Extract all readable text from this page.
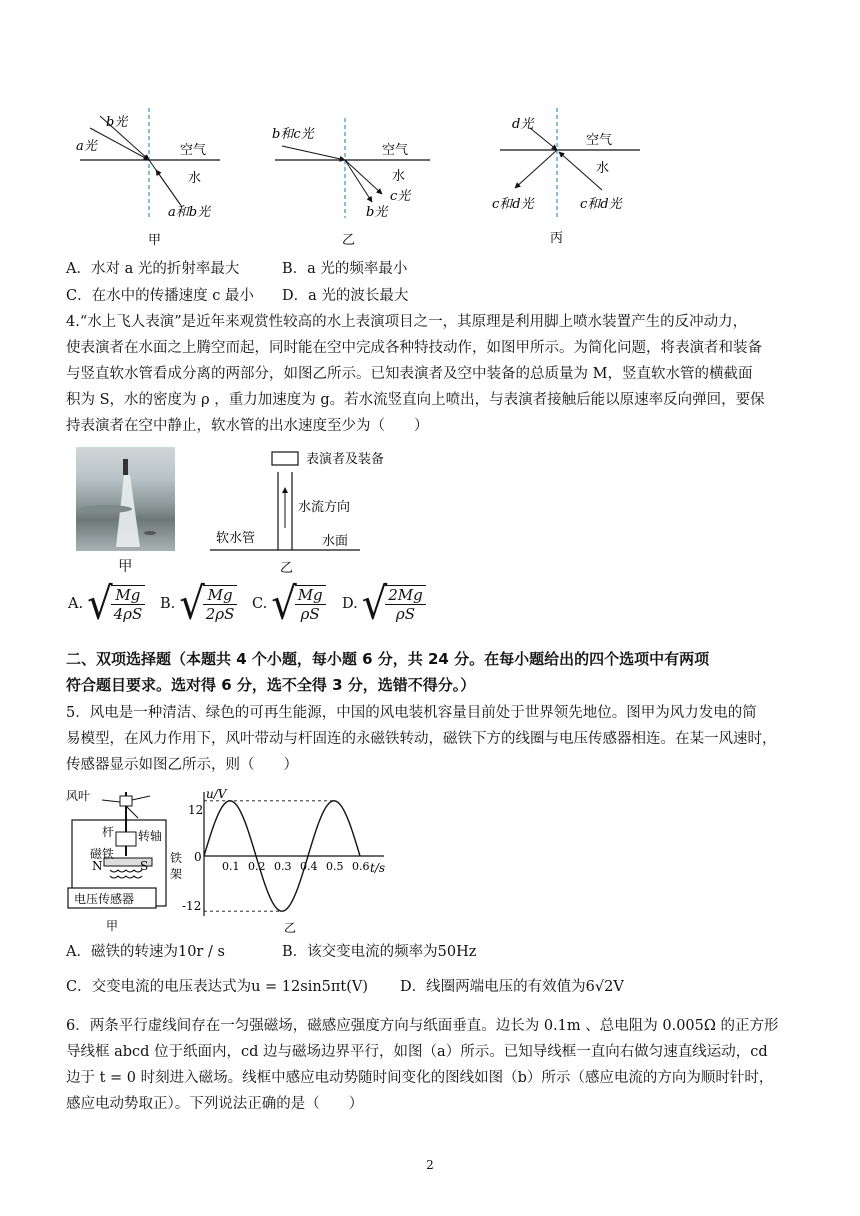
b光
a光	空气
水
a和b光
甲
b和c光
空气
水
c光
b光
乙
d光
空气
水
c和d光	c和d光
丙
A．水对 a 光的折射率最大	B．a 光的频率最小
C．在水中的传播速度 c 最小 D．a 光的波长最大
4.“水上飞人表演”是近年来观赏性较高的水上表演项目之一，其原理是利用脚上喷水装置产生的反冲动力，
使表演者在水面之上腾空而起，同时能在空中完成各种特技动作，如图甲所示。为简化问题，将表演者和装备
与竖直软水管看成分离的两部分，如图乙所示。已知表演者及空中装备的总质量为 M，竖直软水管的横截面
积为 S，水的密度为 ρ ，重力加速度为 g。若水流竖直向上喷出，与表演者接触后能以原速率反向弹回，要保
持表演者在空中静止，软水管的出水速度至少为（　　）
甲
表演者及装备
水流方向
软水管	水面
乙
A. √
$\frac{Mg}{4\rho S} B$. √
$\frac{Mg}{2\rho S} C$. √
$\frac{Mg}{\rho S} D$. √
$\frac{2Mg}{\rho S}$
二、双项选择题（本题共 4 个小题，每小题 6 分，共 24 分。在每小题给出的四个选项中有两项
符合题目要求。选对得 6 分，选不全得 3 分，选错不得分。）
5．风电是一种清洁、绿色的可再生能源，中国的风电装机容量目前处于世界领先地位。图甲为风力发电的简
易模型，在风力作用下，风叶带动与杆固连的永磁铁转动，磁铁下方的线圈与电压传感器相连。在某一风速时，
传感器显示如图乙所示，则（　　）
风叶
杆 转轴
磁铁
N	S
铁
架
电压传感器
甲
u/V
t/s
12
-12
0
0.1 0.2 0.3 0.4 0.5 0.6
乙
A．磁铁的转速为10r / s	B．该交变电流的频率为50Hz
C．交变电流的电压表达式为u = 12sin5πt(V) D．线圈两端电压的有效值为6√2V
6．两条平行虚线间存在一匀强磁场，磁感应强度方向与纸面垂直。边长为 0.1m 、总电阻为 0.005Ω 的正方形
导线框 abcd 位于纸面内，cd 边与磁场边界平行，如图（a）所示。已知导线框一直向右做匀速直线运动，cd
边于 t = 0 时刻进入磁场。线框中感应电动势随时间变化的图线如图（b）所示（感应电流的方向为顺时针时，
感应电动势取正）。下列说法正确的是（　　）
2
